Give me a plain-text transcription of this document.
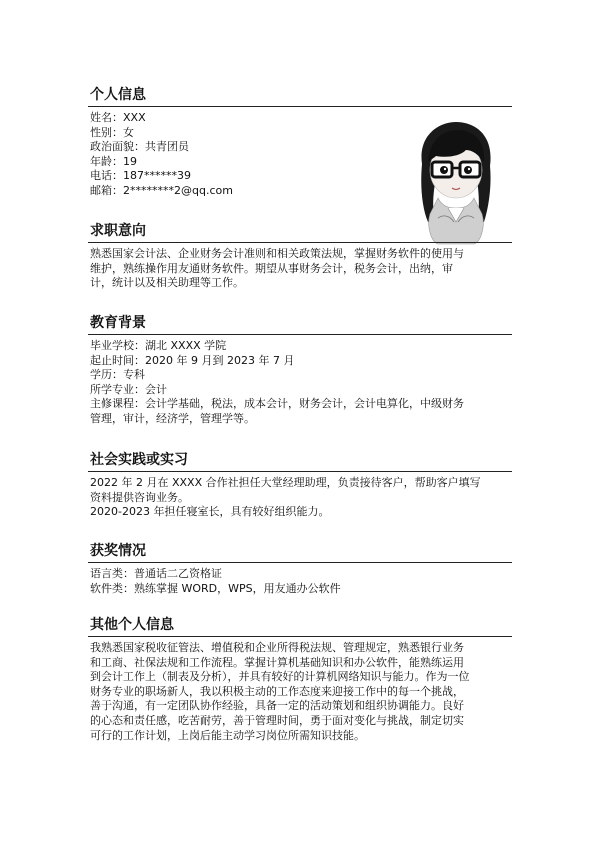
个人信息
姓名：XXX
性别：女
政治面貌：共青团员
年龄：19
电话：187******39
邮箱：2********2@qq.com
求职意向
熟悉国家会计法、企业财务会计准则和相关政策法规，掌握财务软件的使用与
维护，熟练操作用友通财务软件。期望从事财务会计，税务会计，出纳，审
计，统计以及相关助理等工作。
教育背景
毕业学校：湖北 XXXX 学院
起止时间：2020 年 9 月到 2023 年 7 月
学历：专科
所学专业：会计
主修课程：会计学基础，税法，成本会计，财务会计，会计电算化，中级财务
管理，审计，经济学，管理学等。
社会实践或实习
2022 年 2 月在 XXXX 合作社担任大堂经理助理，负责接待客户，帮助客户填写
资料提供咨询业务。
2020-2023 年担任寝室长，具有较好组织能力。
获奖情况
语言类：普通话二乙资格证
软件类：熟练掌握 WORD，WPS，用友通办公软件
其他个人信息
我熟悉国家税收征管法、增值税和企业所得税法规、管理规定，熟悉银行业务
和工商、社保法规和工作流程。掌握计算机基础知识和办公软件，能熟练运用
到会计工作上（制表及分析），并具有较好的计算机网络知识与能力。作为一位
财务专业的职场新人，我以积极主动的工作态度来迎接工作中的每一个挑战，
善于沟通，有一定团队协作经验，具备一定的活动策划和组织协调能力。良好
的心态和责任感，吃苦耐劳，善于管理时间，勇于面对变化与挑战，制定切实
可行的工作计划，上岗后能主动学习岗位所需知识技能。
